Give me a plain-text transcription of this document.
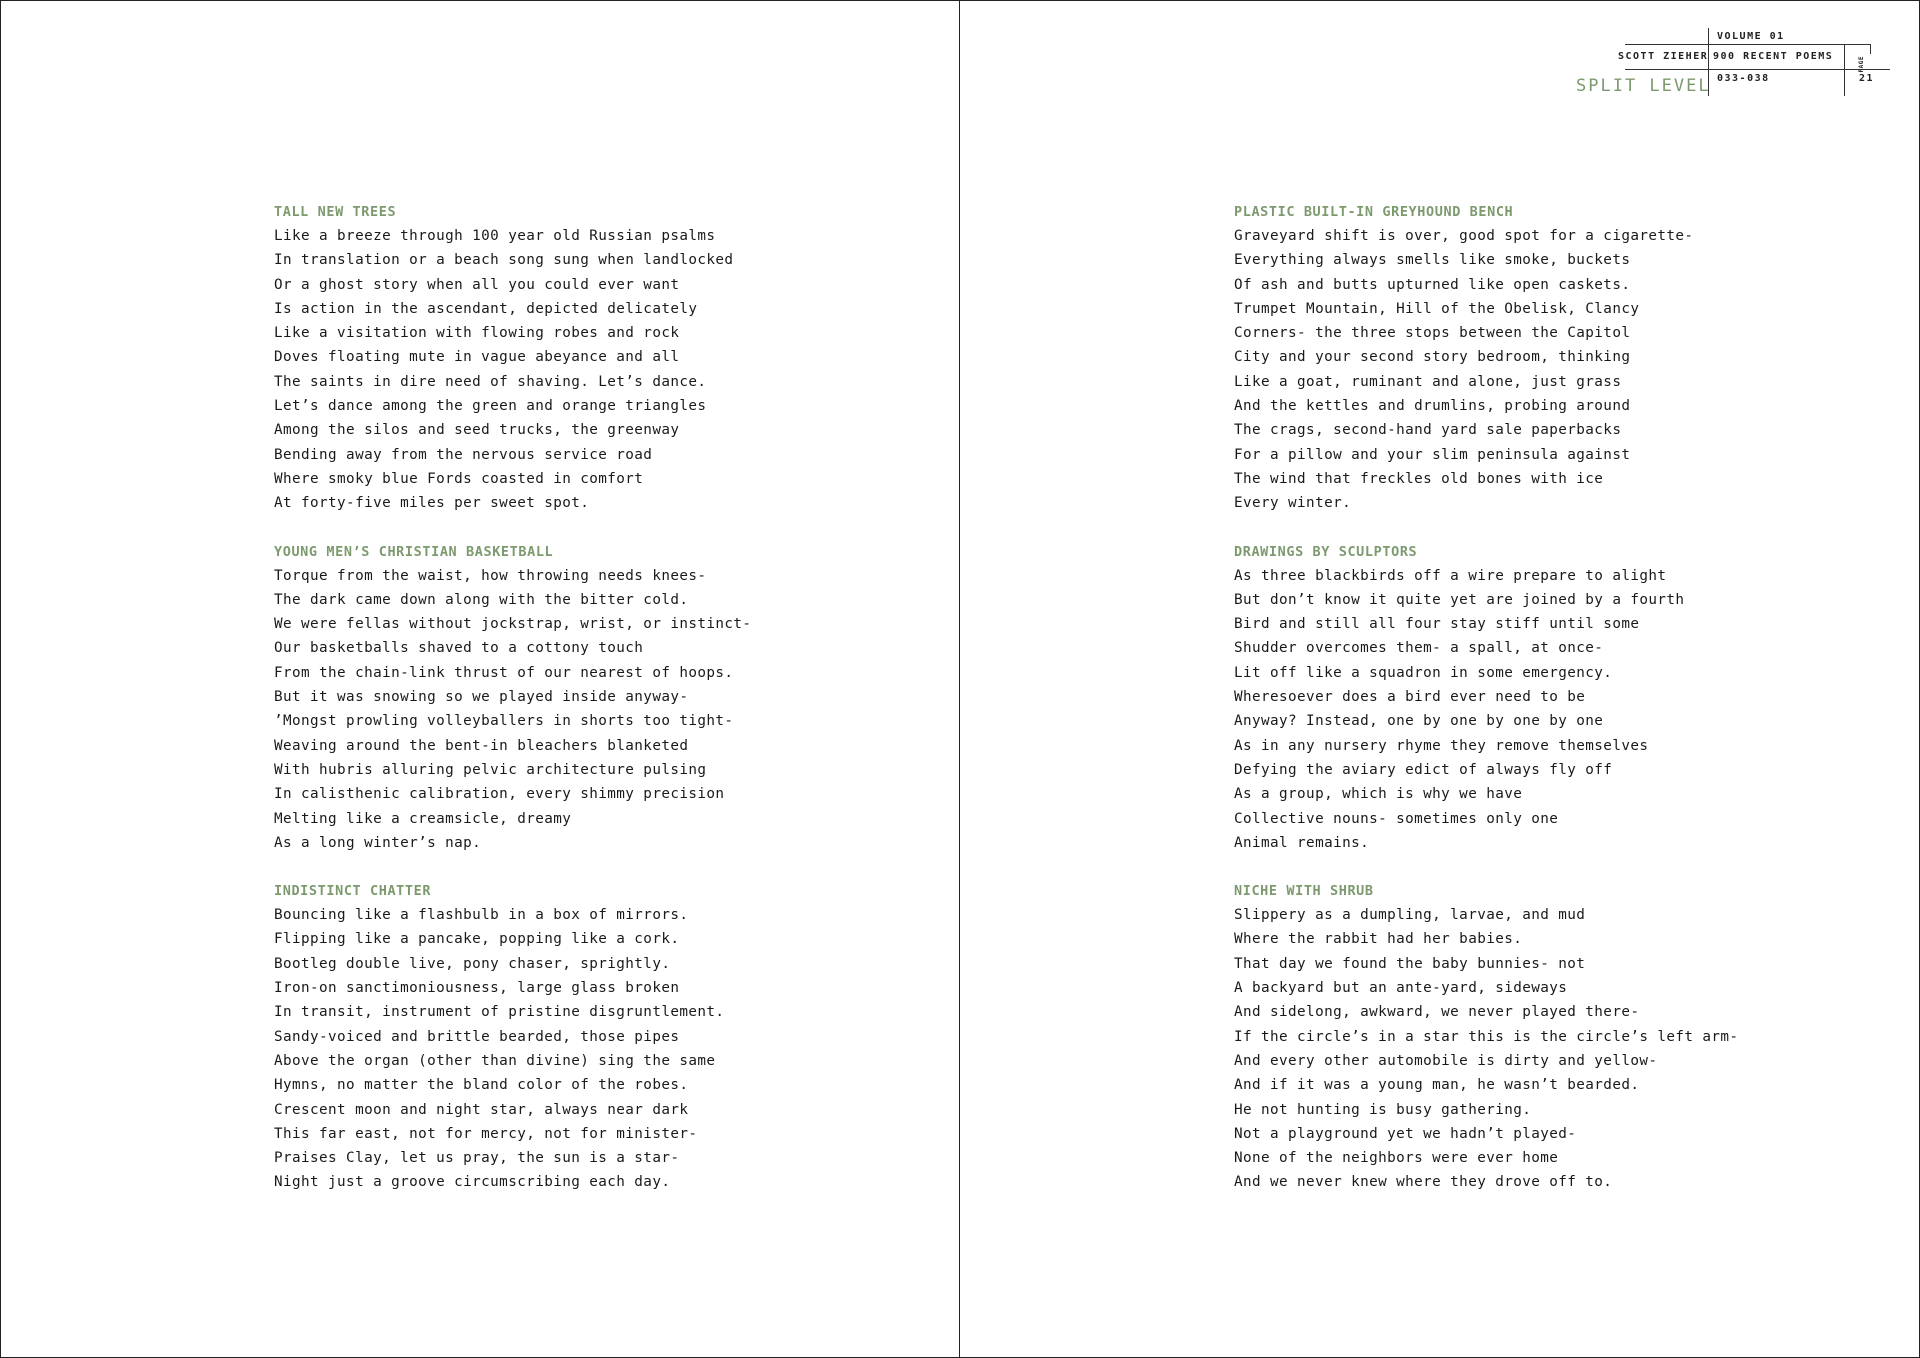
VOLUME 01
SCOTT ZIEHER 900 RECENT POEMS
033-038
PAGE
21
SPLIT LEVEL
TALL NEW TREES
Like a breeze through 100 year old Russian psalms
In translation or a beach song sung when landlocked
Or a ghost story when all you could ever want
Is action in the ascendant, depicted delicately
Like a visitation with flowing robes and rock
Doves floating mute in vague abeyance and all
The saints in dire need of shaving. Let’s dance.
Let’s dance among the green and orange triangles
Among the silos and seed trucks, the greenway
Bending away from the nervous service road
Where smoky blue Fords coasted in comfort
At forty-five miles per sweet spot.
YOUNG MEN’S CHRISTIAN BASKETBALL
Torque from the waist, how throwing needs knees-
The dark came down along with the bitter cold.
We were fellas without jockstrap, wrist, or instinct-
Our basketballs shaved to a cottony touch
From the chain-link thrust of our nearest of hoops.
But it was snowing so we played inside anyway-
’Mongst prowling volleyballers in shorts too tight-
Weaving around the bent-in bleachers blanketed
With hubris alluring pelvic architecture pulsing
In calisthenic calibration, every shimmy precision
Melting like a creamsicle, dreamy
As a long winter’s nap.
INDISTINCT CHATTER
Bouncing like a flashbulb in a box of mirrors.
Flipping like a pancake, popping like a cork.
Bootleg double live, pony chaser, sprightly.
Iron-on sanctimoniousness, large glass broken
In transit, instrument of pristine disgruntlement.
Sandy-voiced and brittle bearded, those pipes
Above the organ (other than divine) sing the same
Hymns, no matter the bland color of the robes.
Crescent moon and night star, always near dark
This far east, not for mercy, not for minister-
Praises Clay, let us pray, the sun is a star-
Night just a groove circumscribing each day.
PLASTIC BUILT-IN GREYHOUND BENCH
Graveyard shift is over, good spot for a cigarette-
Everything always smells like smoke, buckets
Of ash and butts upturned like open caskets.
Trumpet Mountain, Hill of the Obelisk, Clancy
Corners- the three stops between the Capitol
City and your second story bedroom, thinking
Like a goat, ruminant and alone, just grass
And the kettles and drumlins, probing around
The crags, second-hand yard sale paperbacks
For a pillow and your slim peninsula against
The wind that freckles old bones with ice
Every winter.
DRAWINGS BY SCULPTORS
As three blackbirds off a wire prepare to alight
But don’t know it quite yet are joined by a fourth
Bird and still all four stay stiff until some
Shudder overcomes them- a spall, at once-
Lit off like a squadron in some emergency.
Wheresoever does a bird ever need to be
Anyway? Instead, one by one by one by one
As in any nursery rhyme they remove themselves
Defying the aviary edict of always fly off
As a group, which is why we have
Collective nouns- sometimes only one
Animal remains.
NICHE WITH SHRUB
Slippery as a dumpling, larvae, and mud
Where the rabbit had her babies.
That day we found the baby bunnies- not
A backyard but an ante-yard, sideways
And sidelong, awkward, we never played there-
If the circle’s in a star this is the circle’s left arm-
And every other automobile is dirty and yellow-
And if it was a young man, he wasn’t bearded.
He not hunting is busy gathering.
Not a playground yet we hadn’t played-
None of the neighbors were ever home
And we never knew where they drove off to.
